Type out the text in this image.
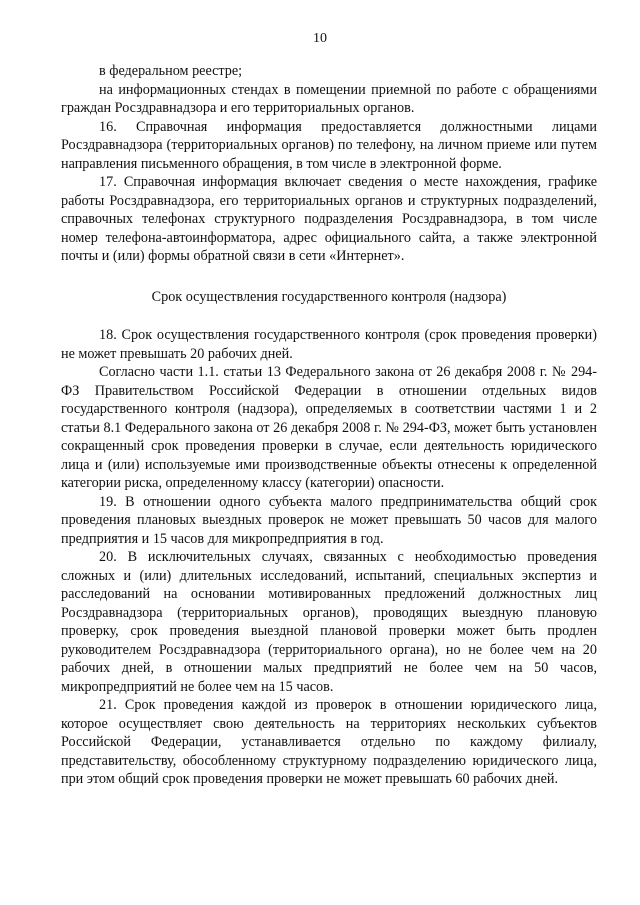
10

в федеральном реестре;

на информационных стендах в помещении приемной по работе с обращениями граждан Росздравнадзора и его территориальных органов.

16. Справочная информация предоставляется должностными лицами Росздравнадзора (территориальных органов) по телефону, на личном приеме или путем направления письменного обращения, в том числе в электронной форме.

17. Справочная информация включает сведения о месте нахождения, графике работы Росздравнадзора, его территориальных органов и структурных подразделений, справочных телефонах структурного подразделения Росздравнадзора, в том числе номер телефона-автоинформатора, адрес официального сайта, а также электронной почты и (или) формы обратной связи в сети «Интернет».

Срок осуществления государственного контроля (надзора)

18. Срок осуществления государственного контроля (срок проведения проверки) не может превышать 20 рабочих дней.

Согласно части 1.1. статьи 13 Федерального закона от 26 декабря 2008 г. № 294-ФЗ Правительством Российской Федерации в отношении отдельных видов государственного контроля (надзора), определяемых в соответствии частями 1 и 2 статьи 8.1 Федерального закона от 26 декабря 2008 г. № 294-ФЗ, может быть установлен сокращенный срок проведения проверки в случае, если деятельность юридического лица и (или) используемые ими производственные объекты отнесены к определенной категории риска, определенному классу (категории) опасности.

19. В отношении одного субъекта малого предпринимательства общий срок проведения плановых выездных проверок не может превышать 50 часов для малого предприятия и 15 часов для микропредприятия в год.

20. В исключительных случаях, связанных с необходимостью проведения сложных и (или) длительных исследований, испытаний, специальных экспертиз и расследований на основании мотивированных предложений должностных лиц Росздравнадзора (территориальных органов), проводящих выездную плановую проверку, срок проведения выездной плановой проверки может быть продлен руководителем Росздравнадзора (территориального органа), но не более чем на 20 рабочих дней, в отношении малых предприятий не более чем на 50 часов, микропредприятий не более чем на 15 часов.

21. Срок проведения каждой из проверок в отношении юридического лица, которое осуществляет свою деятельность на территориях нескольких субъектов Российской Федерации, устанавливается отдельно по каждому филиалу, представительству, обособленному структурному подразделению юридического лица, при этом общий срок проведения проверки не может превышать 60 рабочих дней.
